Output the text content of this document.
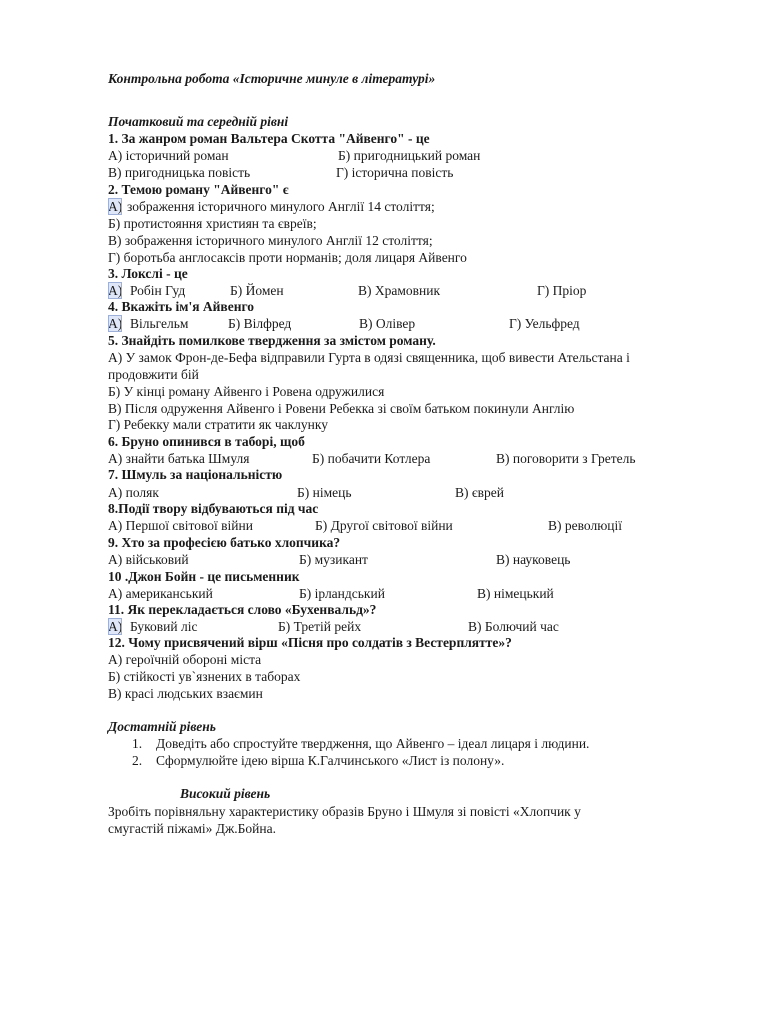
Контрольна робота «Історичне минуле в літературі»
Початковий та середній рівні
1. За жанром роман Вальтера Скотта "Айвенго" - це
А) історичний роман	Б) пригодницький роман
В) пригодницька повість	Г) історична повість
2. Темою роману "Айвенго" є
А) зображення історичного минулого Англії 14 століття;
Б) протистояння християн та євреїв;
В) зображення історичного минулого Англії 12 століття;
Г) боротьба англосаксів проти норманів; доля лицаря Айвенго
3. Локслі - це
А) Робін Гуд	Б) Йомен	В) Храмовник	Г) Пріор
4. Вкажіть ім'я Айвенго
А) Вільгельм	Б) Вілфред	В) Олівер	Г) Уельфред
5. Знайдіть помилкове твердження за змістом роману.
А) У замок Фрон-де-Бефа відправили Гурта в одязі священника, щоб вивести Ательстана і
продовжити бій
Б) У кінці роману Айвенго і Ровена одружилися
В) Після одруження Айвенго і Ровени Ребекка зі своїм батьком покинули Англію
Г) Ребекку мали стратити як чаклунку
6. Бруно опинився в таборі, щоб
А) знайти батька Шмуля	Б) побачити Котлера	В) поговорити з Гретель
7. Шмуль за національністю
А) поляк	Б) німець	В) єврей
8.Події твору відбуваються під час
А) Першої світової війни	Б) Другої світової війни	В) революції
9. Хто за професією батько хлопчика?
А) військовий	Б) музикант	В) науковець
10 .Джон Бойн - це письменник
А) американський	Б) ірландський	В) німецький
11. Як перекладається слово «Бухенвальд»?
А) Буковий ліс	Б) Третій рейх	В) Болючий час
12. Чому присвячений вірш «Пісня про солдатів з Вестерплятте»?
А) героїчній обороні міста
Б) стійкості ув`язнених в таборах
В) красі людських взаємин
Достатній рівень
1. Доведіть або спростуйте твердження, що Айвенго – ідеал лицаря і людини.
2. Сформулюйте ідею вірша К.Галчинського «Лист із полону».
Високий рівень
Зробіть порівняльну характеристику образів Бруно і Шмуля зі повісті «Хлопчик у
смугастій піжамі» Дж.Бойна.
